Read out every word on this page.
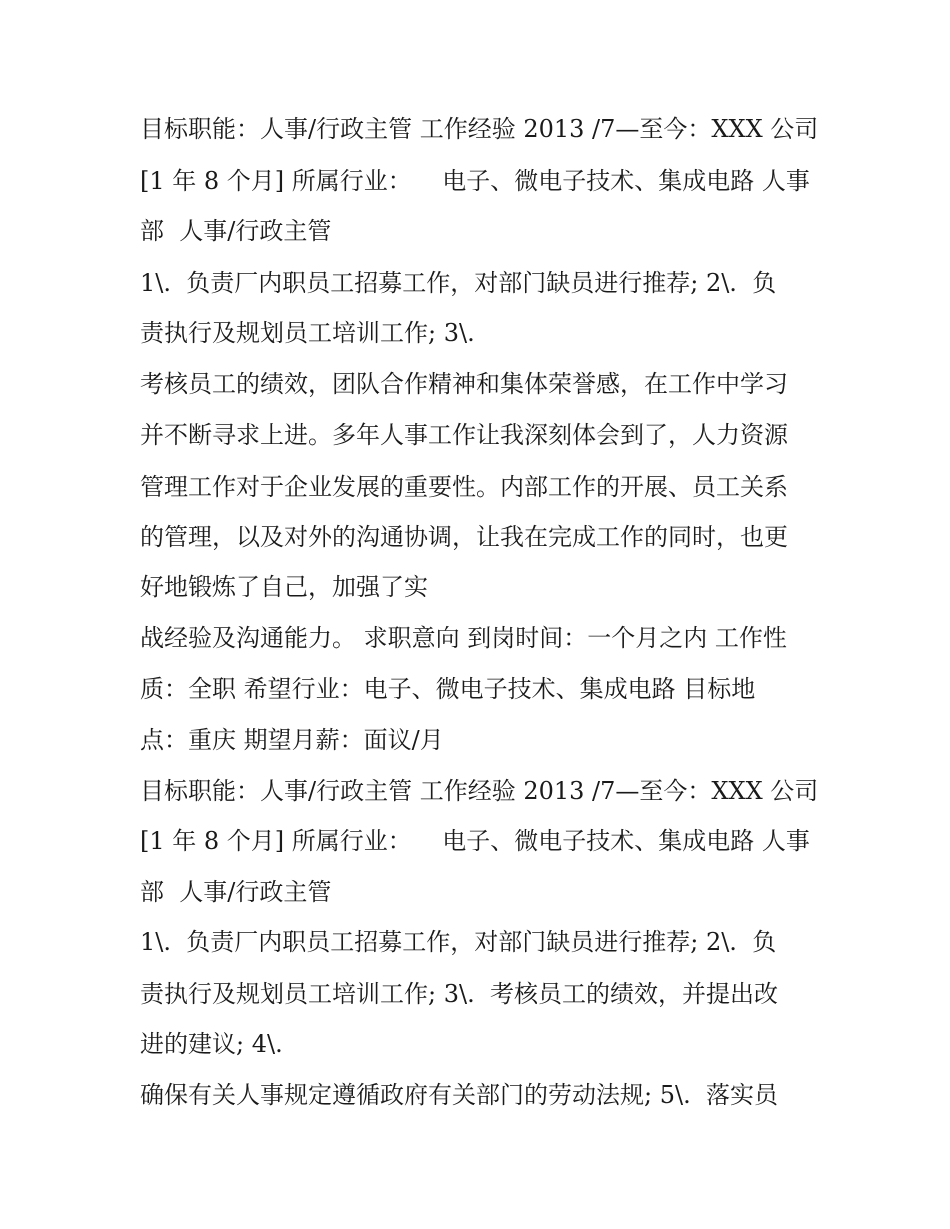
目标职能：人事/行政主管 工作经验 2013 /7—至今：XXX 公司

[1 年 8 个月] 所属行业：    电子、微电子技术、集成电路 人事

部  人事/行政主管

1\.  负责厂内职员工招募工作，对部门缺员进行推荐; 2\.  负

责执行及规划员工培训工作; 3\.

考核员工的绩效，团队合作精神和集体荣誉感，在工作中学习

并不断寻求上进。多年人事工作让我深刻体会到了，人力资源

管理工作对于企业发展的重要性。内部工作的开展、员工关系

的管理，以及对外的沟通协调，让我在完成工作的同时，也更

好地锻炼了自己，加强了实

战经验及沟通能力。 求职意向 到岗时间：一个月之内 工作性

质：全职 希望行业：电子、微电子技术、集成电路 目标地

点：重庆 期望月薪：面议/月

目标职能：人事/行政主管 工作经验 2013 /7—至今：XXX 公司

[1 年 8 个月] 所属行业：    电子、微电子技术、集成电路 人事

部  人事/行政主管

1\.  负责厂内职员工招募工作，对部门缺员进行推荐; 2\.  负

责执行及规划员工培训工作; 3\.  考核员工的绩效，并提出改

进的建议; 4\.

确保有关人事规定遵循政府有关部门的劳动法规; 5\.  落实员
